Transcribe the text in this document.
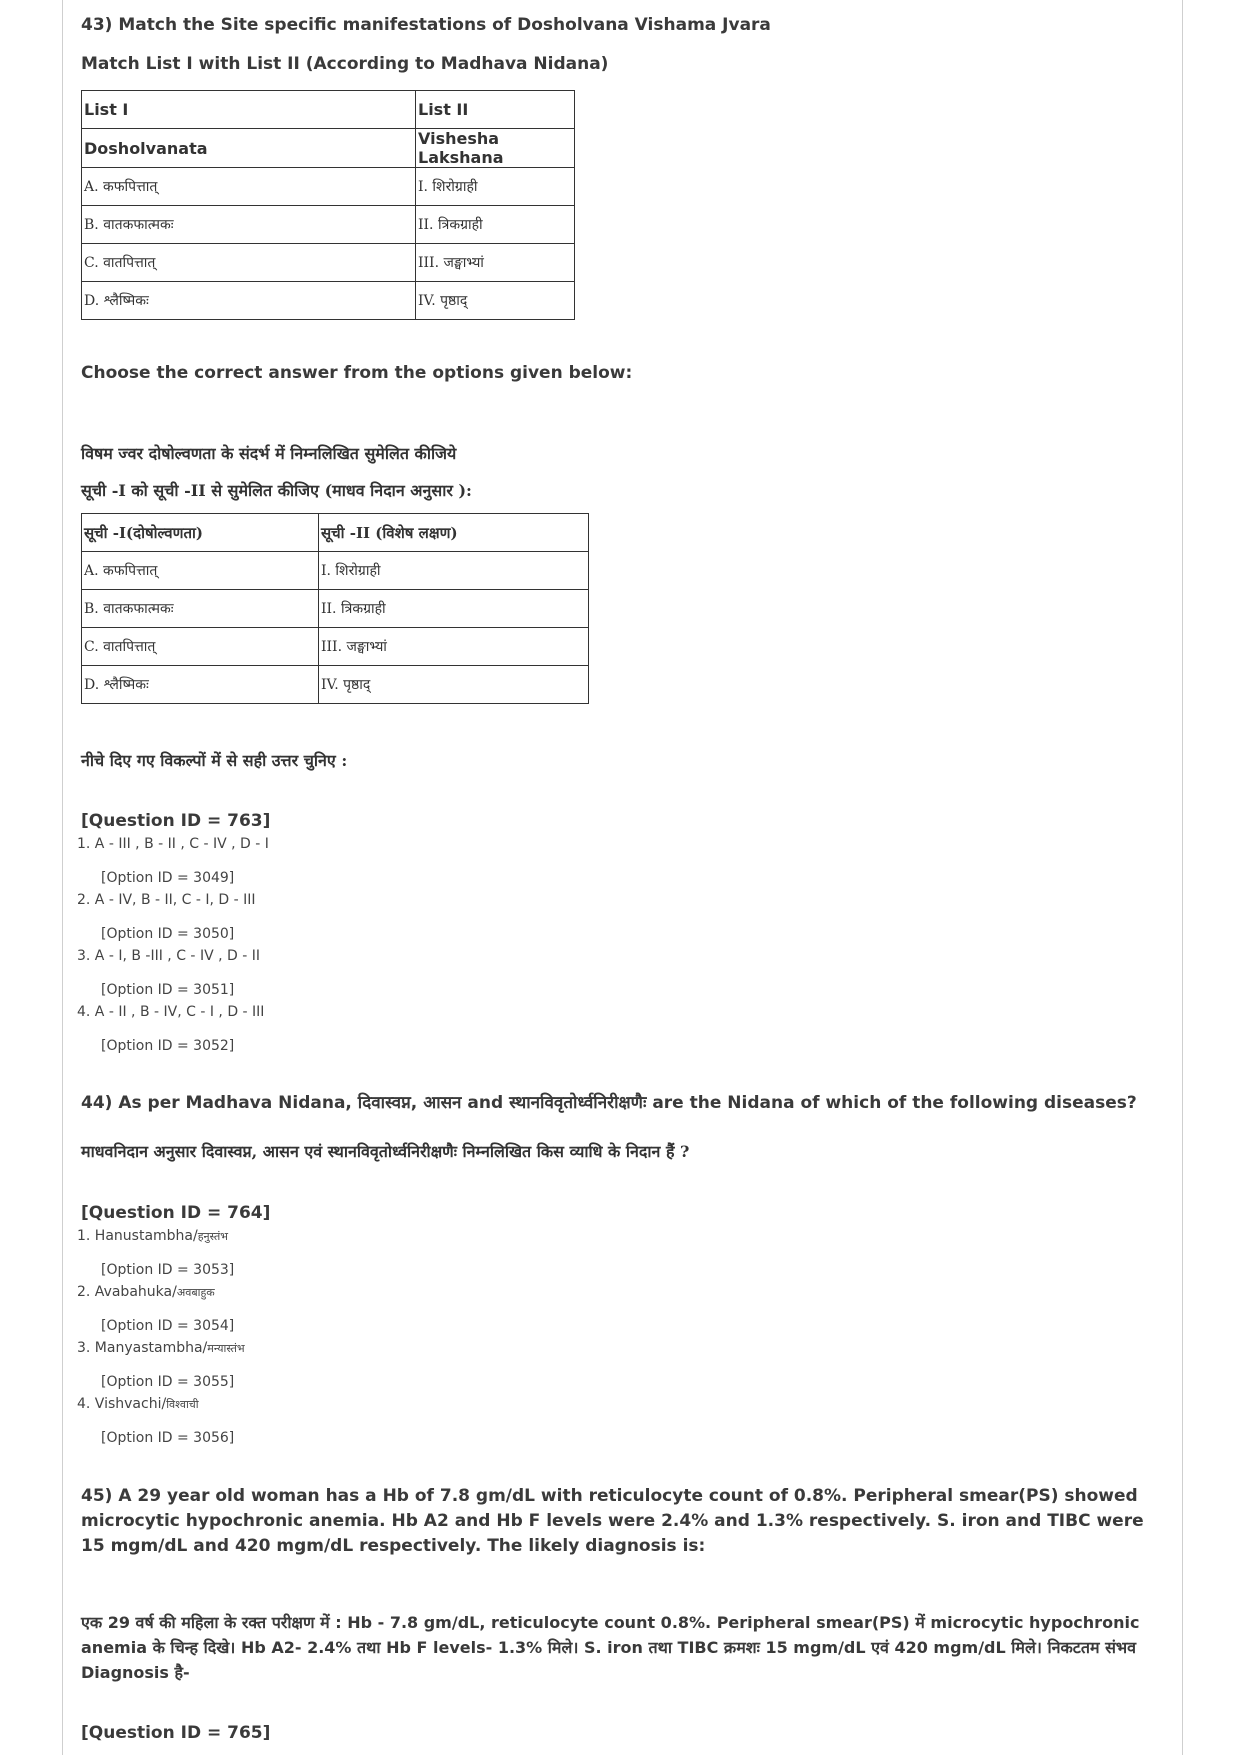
43) Match the Site specific manifestations of Dosholvana Vishama Jvara
Match List I with List II (According to Madhava Nidana)
List I	List II
Dosholvanata	Vishesha Lakshana
A. कफपित्तात्	I. शिरोग्राही
B. वातकफात्मकः	II. त्रिकग्राही
C. वातपित्तात्	III. जङ्घाभ्यां
D. श्लैष्मिकः	IV. पृष्ठाद्
Choose the correct answer from the options given below:
विषम ज्वर दोषोल्वणता के संदर्भ में निम्नलिखित सुमेलित कीजिये
सूची -I को सूची -II से सुमेलित कीजिए (माधव निदान अनुसार ):
सूची -I(दोषोल्वणता)	सूची -II (विशेष लक्षण)
A. कफपित्तात्	I. शिरोग्राही
B. वातकफात्मकः	II. त्रिकग्राही
C. वातपित्तात्	III. जङ्घाभ्यां
D. श्लैष्मिकः	IV. पृष्ठाद्
नीचे दिए गए विकल्पों में से सही उत्तर चुनिए :
[Question ID = 763]
1. A - III , B - II , C - IV , D - I
[Option ID = 3049]
2. A - IV, B - II, C - I, D - III
[Option ID = 3050]
3. A - I, B -III , C - IV , D - II
[Option ID = 3051]
4. A - II , B - IV, C - I , D - III
[Option ID = 3052]
44) As per Madhava Nidana, दिवास्वप्न, आसन and स्थानविवृतोर्ध्वनिरीक्षणैः are the Nidana of which of the following diseases?
माधवनिदान अनुसार दिवास्वप्न, आसन एवं स्थानविवृतोर्ध्वनिरीक्षणैः निम्नलिखित किस व्याधि के निदान हैं ?
[Question ID = 764]
1. Hanustambha/हनुस्तंभ
[Option ID = 3053]
2. Avabahuka/अवबाहुक
[Option ID = 3054]
3. Manyastambha/मन्यास्तंभ
[Option ID = 3055]
4. Vishvachi/विश्वाची
[Option ID = 3056]
45) A 29 year old woman has a Hb of 7.8 gm/dL with reticulocyte count of 0.8%. Peripheral smear(PS) showed microcytic hypochronic anemia. Hb A2 and Hb F levels were 2.4% and 1.3% respectively. S. iron and TIBC were 15 mgm/dL and 420 mgm/dL respectively. The likely diagnosis is:
एक 29 वर्ष की महिला के रक्त परीक्षण में : Hb - 7.8 gm/dL, reticulocyte count 0.8%. Peripheral smear(PS) में microcytic hypochronic anemia के चिन्ह दिखे। Hb A2- 2.4% तथा Hb F levels- 1.3% मिले। S. iron तथा TIBC क्रमशः 15 mgm/dL एवं 420 mgm/dL मिले। निकटतम संभव Diagnosis है-
[Question ID = 765]
